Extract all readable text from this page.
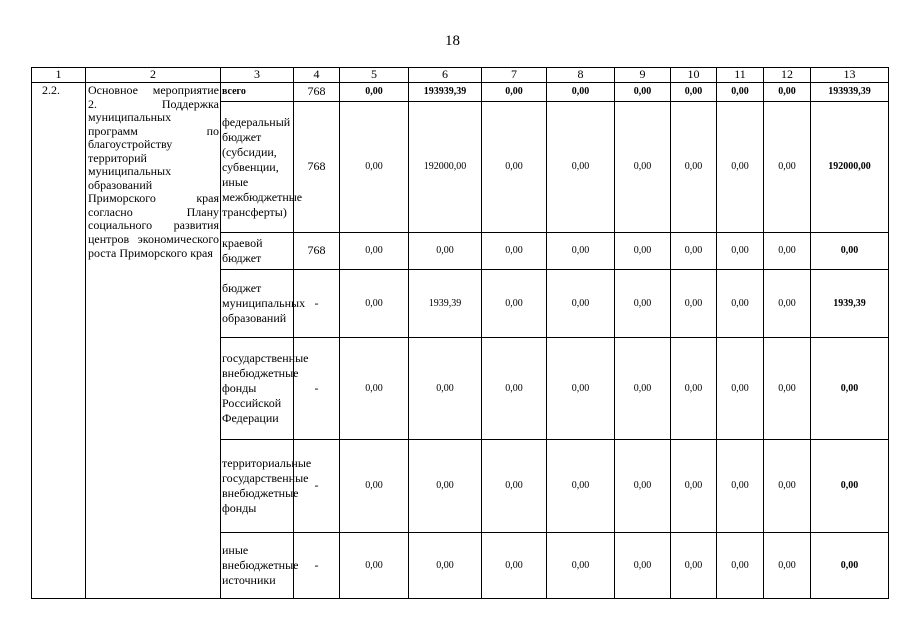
18
1	2	3	4	5	6	7	8	9	10	11	12	13
2.2.	Основное мероприятие 2. Поддержка муниципальных программ по благоустройству территорий муниципальных образований Приморского края согласно Плану социального развития центров экономического роста Приморского края	всего	768	0,00	193939,39	0,00	0,00	0,00	0,00	0,00	0,00	193939,39
		федеральный бюджет (субсидии, субвенции, иные межбюджетные трансферты)	768	0,00	192000,00	0,00	0,00	0,00	0,00	0,00	0,00	192000,00
		краевой бюджет	768	0,00	0,00	0,00	0,00	0,00	0,00	0,00	0,00	0,00
		бюджет муниципальных образований	-	0,00	1939,39	0,00	0,00	0,00	0,00	0,00	0,00	1939,39
		государственные внебюджетные фонды Российской Федерации	-	0,00	0,00	0,00	0,00	0,00	0,00	0,00	0,00	0,00
		территориальные государственные внебюджетные фонды	-	0,00	0,00	0,00	0,00	0,00	0,00	0,00	0,00	0,00
		иные внебюджетные источники	-	0,00	0,00	0,00	0,00	0,00	0,00	0,00	0,00	0,00
